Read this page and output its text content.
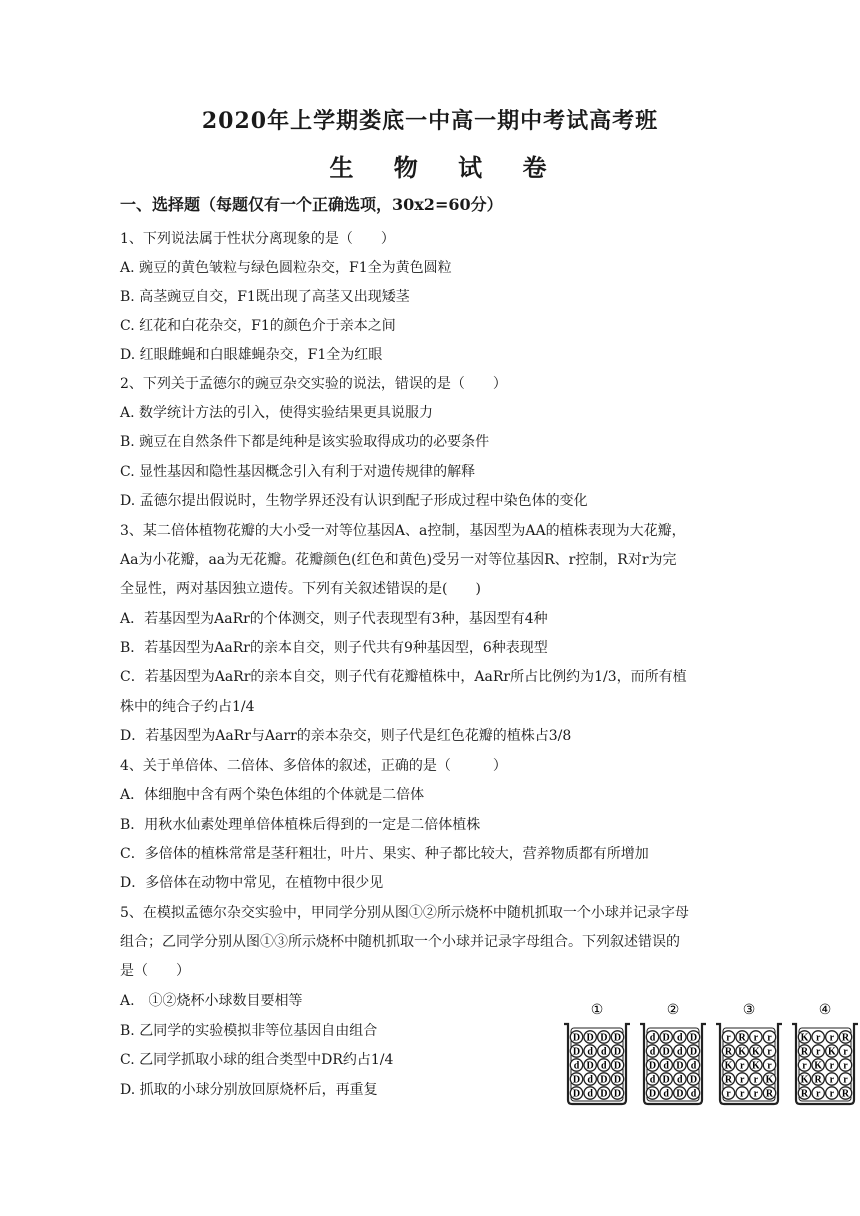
2020年上学期娄底一中高一期中考试高考班
生 物 试 卷
一、选择题（每题仅有一个正确选项，30x2=60分）
1、下列说法属于性状分离现象的是（　　）
A. 豌豆的黄色皱粒与绿色圆粒杂交，F1全为黄色圆粒
B. 高茎豌豆自交，F1既出现了高茎又出现矮茎
C. 红花和白花杂交，F1的颜色介于亲本之间
D. 红眼雌蝇和白眼雄蝇杂交，F1全为红眼
2、下列关于孟德尔的豌豆杂交实验的说法，错误的是（　　）
A. 数学统计方法的引入，使得实验结果更具说服力
B. 豌豆在自然条件下都是纯种是该实验取得成功的必要条件
C. 显性基因和隐性基因概念引入有利于对遗传规律的解释
D. 孟德尔提出假说时，生物学界还没有认识到配子形成过程中染色体的变化
3、某二倍体植物花瓣的大小受一对等位基因A、a控制，基因型为AA的植株表现为大花瓣，
Aa为小花瓣，aa为无花瓣。花瓣颜色(红色和黄色)受另一对等位基因R、r控制，R对r为完
全显性，两对基因独立遗传。下列有关叙述错误的是(　　)
A．若基因型为AaRr的个体测交，则子代表现型有3种，基因型有4种
B．若基因型为AaRr的亲本自交，则子代共有9种基因型，6种表现型
C．若基因型为AaRr的亲本自交，则子代有花瓣植株中，AaRr所占比例约为1/3，而所有植
株中的纯合子约占1/4
D．若基因型为AaRr与Aarr的亲本杂交，则子代是红色花瓣的植株占3/8
4、关于单倍体、二倍体、多倍体的叙述，正确的是（　　　）
A．体细胞中含有两个染色体组的个体就是二倍体
B．用秋水仙素处理单倍体植株后得到的一定是二倍体植株
C．多倍体的植株常常是茎秆粗壮，叶片、果实、种子都比较大，营养物质都有所增加
D．多倍体在动物中常见，在植物中很少见
5、在模拟孟德尔杂交实验中，甲同学分别从图①②所示烧杯中随机抓取一个小球并记录字母
组合；乙同学分别从图①③所示烧杯中随机抓取一个小球并记录字母组合。下列叙述错误的
是（　　）
A.　①②烧杯小球数目要相等
B. 乙同学的实验模拟非等位基因自由组合
C. 乙同学抓取小球的组合类型中DR约占1/4
D. 抓取的小球分别放回原烧杯后，再重复
①
D D D D
D d d D
d D d D
D d D D
D d D D
②
d D d D
d D d D
D d D d
d D d D
D d D d
③
r R r r
R K K r
K r K r
R r r K
r r r R
④
K r r R
R r K r
r K r r
K R r r
R r r R
